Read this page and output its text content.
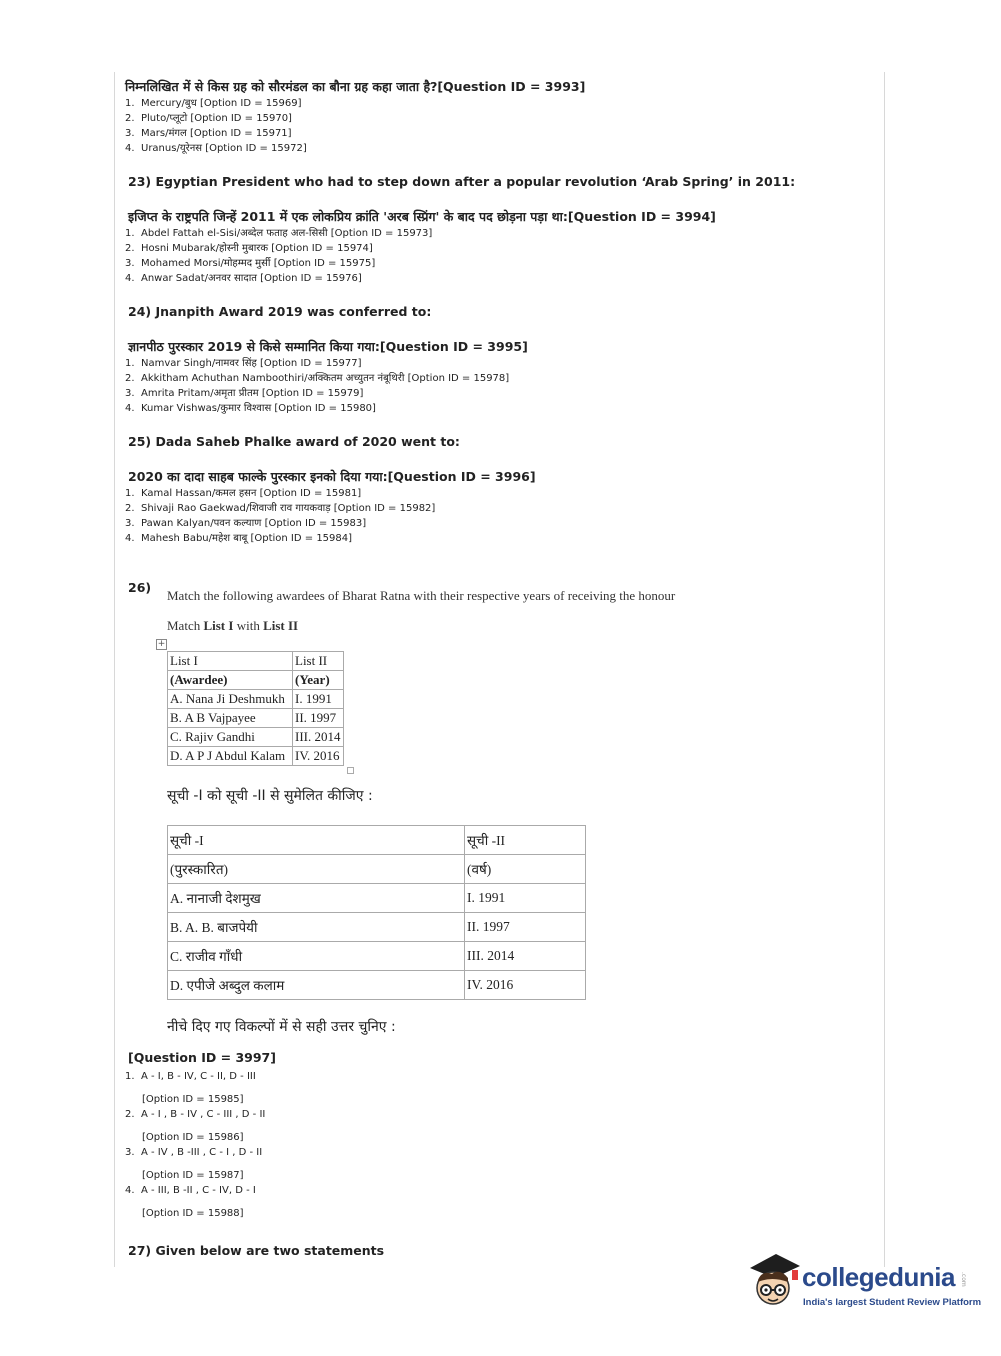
निम्नलिखित में से किस ग्रह को सौरमंडल का बौना ग्रह कहा जाता है?[Question ID = 3993]

1. Mercury/बुध [Option ID = 15969]
2. Pluto/प्लूटो [Option ID = 15970]
3. Mars/मंगल [Option ID = 15971]
4. Uranus/यूरेनस [Option ID = 15972]

23) Egyptian President who had to step down after a popular revolution ‘Arab Spring’ in 2011:

इजिप्त के राष्ट्रपति जिन्हें 2011 में एक लोकप्रिय क्रांति 'अरब स्प्रिंग' के बाद पद छोड़ना पड़ा था:[Question ID = 3994]

1. Abdel Fattah el-Sisi/अब्देल फताह अल-सिसी [Option ID = 15973]
2. Hosni Mubarak/होस्नी मुबारक [Option ID = 15974]
3. Mohamed Morsi/मोहम्मद मुर्सी [Option ID = 15975]
4. Anwar Sadat/अनवर सादात [Option ID = 15976]

24) Jnanpith Award 2019 was conferred to:

ज्ञानपीठ पुरस्कार 2019 से किसे सम्मानित किया गया:[Question ID = 3995]

1. Namvar Singh/नामवर सिंह [Option ID = 15977]
2. Akkitham Achuthan Namboothiri/अक्कितम अच्युतन नंबूथिरी [Option ID = 15978]
3. Amrita Pritam/अमृता प्रीतम [Option ID = 15979]
4. Kumar Vishwas/कुमार विश्वास [Option ID = 15980]

25) Dada Saheb Phalke award of 2020 went to:

2020 का दादा साहब फाल्के पुरस्कार इनको दिया गया:[Question ID = 3996]

1. Kamal Hassan/कमल हसन [Option ID = 15981]
2. Shivaji Rao Gaekwad/शिवाजी राव गायकवाड़ [Option ID = 15982]
3. Pawan Kalyan/पवन कल्याण [Option ID = 15983]
4. Mahesh Babu/महेश बाबू [Option ID = 15984]
26)
Match the following awardees of Bharat Ratna with their respective years of receiving the honour
Match List I with List II
+
List I	List II
(Awardee)	(Year)
A. Nana Ji Deshmukh	I. 1991
B. A B Vajpayee	II. 1997
C. Rajiv Gandhi	III. 2014
D. A P J Abdul Kalam	IV. 2016
सूची -I को सूची -II से सुमेलित कीजिए :
सूची -I	सूची -II
(पुरस्कारित)	(वर्ष)
A. नानाजी देशमुख	I. 1991
B. A. B. बाजपेयी	II. 1997
C. राजीव गाँधी	III. 2014
D. एपीजे अब्दुल कलाम	IV. 2016
नीचे दिए गए विकल्पों में से सही उत्तर चुनिए :
[Question ID = 3997]
1. A - I, B - IV, C - II, D - III
[Option ID = 15985]
2. A - I , B - IV , C - III , D - II
[Option ID = 15986]
3. A - IV , B -III , C - I , D - II
[Option ID = 15987]
4. A - III, B -II , C - IV, D - I
[Option ID = 15988]
27) Given below are two statements
collegedunia .com
India's largest Student Review Platform
